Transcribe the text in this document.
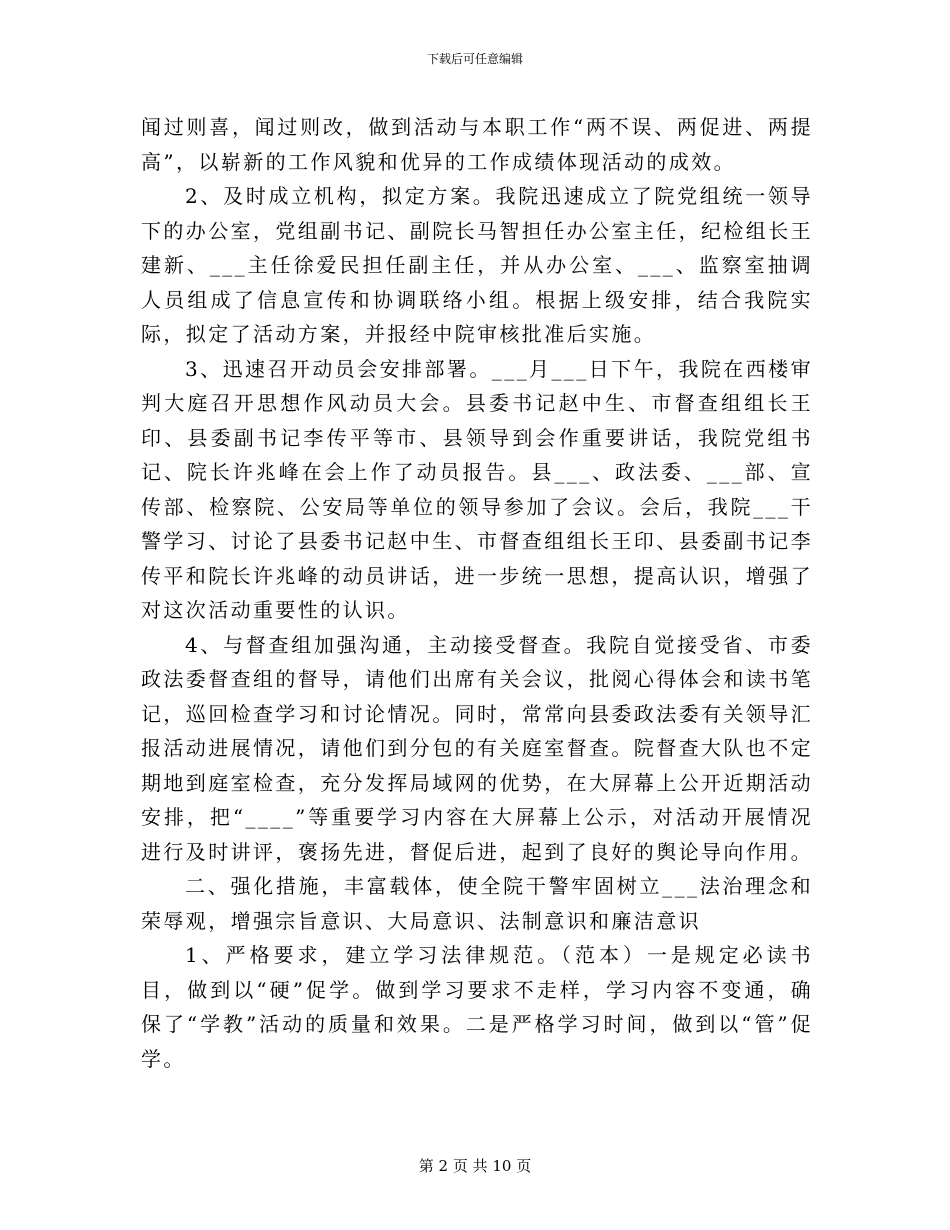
下载后可任意编辑

闻过则喜，闻过则改，做到活动与本职工作“两不误、两促进、两提高”，以崭新的工作风貌和优异的工作成绩体现活动的成效。

2、及时成立机构，拟定方案。我院迅速成立了院党组统一领导下的办公室，党组副书记、副院长马智担任办公室主任，纪检组长王建新、___主任徐爱民担任副主任，并从办公室、___、监察室抽调人员组成了信息宣传和协调联络小组。根据上级安排，结合我院实际，拟定了活动方案，并报经中院审核批准后实施。

3、迅速召开动员会安排部署。___月___日下午，我院在西楼审判大庭召开思想作风动员大会。县委书记赵中生、市督查组组长王印、县委副书记李传平等市、县领导到会作重要讲话，我院党组书记、院长许兆峰在会上作了动员报告。县___、政法委、___部、宣传部、检察院、公安局等单位的领导参加了会议。会后，我院___干警学习、讨论了县委书记赵中生、市督查组组长王印、县委副书记李传平和院长许兆峰的动员讲话，进一步统一思想，提高认识，增强了对这次活动重要性的认识。

4、与督查组加强沟通，主动接受督查。我院自觉接受省、市委政法委督查组的督导，请他们出席有关会议，批阅心得体会和读书笔记，巡回检查学习和讨论情况。同时，常常向县委政法委有关领导汇报活动进展情况，请他们到分包的有关庭室督查。院督查大队也不定期地到庭室检查，充分发挥局域网的优势，在大屏幕上公开近期活动安排，把“____”等重要学习内容在大屏幕上公示，对活动开展情况进行及时讲评，褒扬先进，督促后进，起到了良好的舆论导向作用。

二、强化措施，丰富载体，使全院干警牢固树立___法治理念和荣辱观，增强宗旨意识、大局意识、法制意识和廉洁意识

1、严格要求，建立学习法律规范。（范本）一是规定必读书目，做到以“硬”促学。做到学习要求不走样，学习内容不变通，确保了“学教”活动的质量和效果。二是严格学习时间，做到以“管”促学。

第 2 页 共 10 页
